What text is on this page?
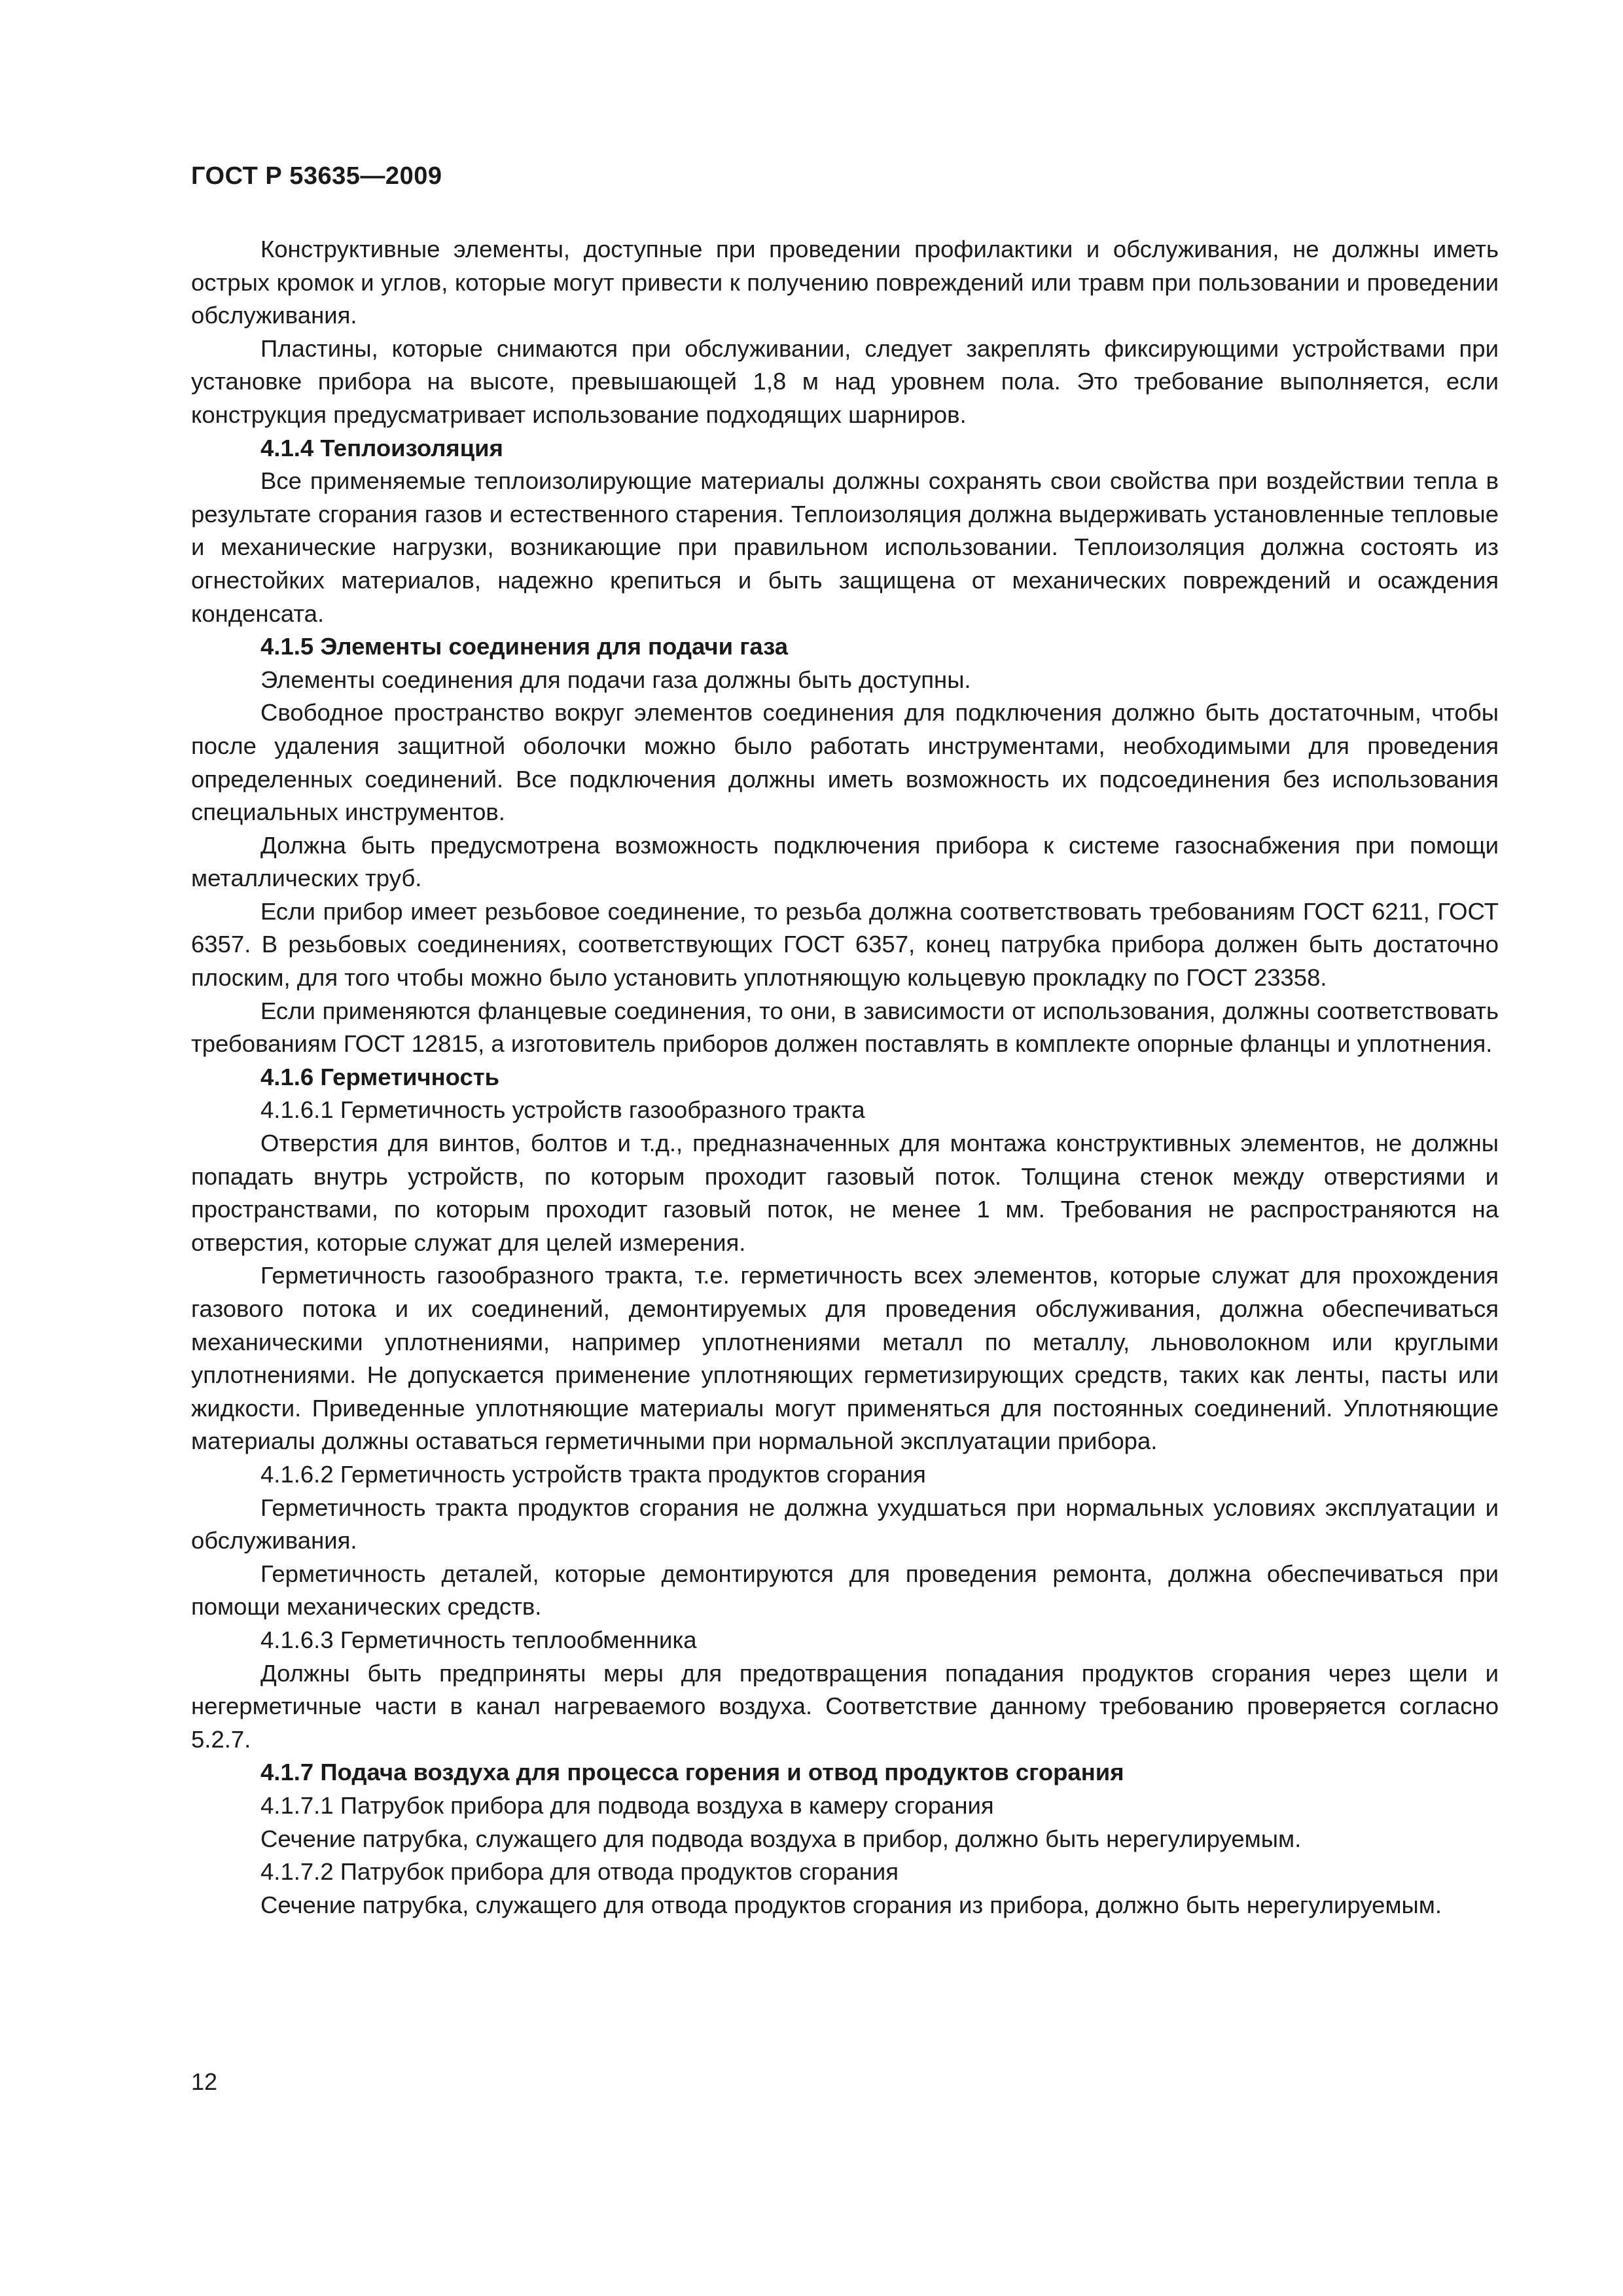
ГОСТ Р 53635—2009

Конструктивные элементы, доступные при проведении профилактики и обслуживания, не должны иметь острых кромок и углов, которые могут привести к получению повреждений или травм при пользовании и проведении обслуживания.

Пластины, которые снимаются при обслуживании, следует закреплять фиксирующими устройствами при установке прибора на высоте, превышающей 1,8 м над уровнем пола. Это требование выполняется, если конструкция предусматривает использование подходящих шарниров.

4.1.4 Теплоизоляция

Все применяемые теплоизолирующие материалы должны сохранять свои свойства при воздействии тепла в результате сгорания газов и естественного старения. Теплоизоляция должна выдерживать установленные тепловые и механические нагрузки, возникающие при правильном использовании. Теплоизоляция должна состоять из огнестойких материалов, надежно крепиться и быть защищена от механических повреждений и осаждения конденсата.

4.1.5 Элементы соединения для подачи газа

Элементы соединения для подачи газа должны быть доступны.

Свободное пространство вокруг элементов соединения для подключения должно быть достаточным, чтобы после удаления защитной оболочки можно было работать инструментами, необходимыми для проведения определенных соединений. Все подключения должны иметь возможность их подсоединения без использования специальных инструментов.

Должна быть предусмотрена возможность подключения прибора к системе газоснабжения при помощи металлических труб.

Если прибор имеет резьбовое соединение, то резьба должна соответствовать требованиям ГОСТ 6211, ГОСТ 6357. В резьбовых соединениях, соответствующих ГОСТ 6357, конец патрубка прибора должен быть достаточно плоским, для того чтобы можно было установить уплотняющую кольцевую прокладку по ГОСТ 23358.

Если применяются фланцевые соединения, то они, в зависимости от использования, должны соответствовать требованиям ГОСТ 12815, а изготовитель приборов должен поставлять в комплекте опорные фланцы и уплотнения.

4.1.6 Герметичность

4.1.6.1 Герметичность устройств газообразного тракта

Отверстия для винтов, болтов и т.д., предназначенных для монтажа конструктивных элементов, не должны попадать внутрь устройств, по которым проходит газовый поток. Толщина стенок между отверстиями и пространствами, по которым проходит газовый поток, не менее 1 мм. Требования не распространяются на отверстия, которые служат для целей измерения.

Герметичность газообразного тракта, т.е. герметичность всех элементов, которые служат для прохождения газового потока и их соединений, демонтируемых для проведения обслуживания, должна обеспечиваться механическими уплотнениями, например уплотнениями металл по металлу, льноволокном или круглыми уплотнениями. Не допускается применение уплотняющих герметизирующих средств, таких как ленты, пасты или жидкости. Приведенные уплотняющие материалы могут применяться для постоянных соединений. Уплотняющие материалы должны оставаться герметичными при нормальной эксплуатации прибора.

4.1.6.2 Герметичность устройств тракта продуктов сгорания

Герметичность тракта продуктов сгорания не должна ухудшаться при нормальных условиях эксплуатации и обслуживания.

Герметичность деталей, которые демонтируются для проведения ремонта, должна обеспечиваться при помощи механических средств.

4.1.6.3 Герметичность теплообменника

Должны быть предприняты меры для предотвращения попадания продуктов сгорания через щели и негерметичные части в канал нагреваемого воздуха. Соответствие данному требованию проверяется согласно 5.2.7.

4.1.7 Подача воздуха для процесса горения и отвод продуктов сгорания

4.1.7.1 Патрубок прибора для подвода воздуха в камеру сгорания

Сечение патрубка, служащего для подвода воздуха в прибор, должно быть нерегулируемым.

4.1.7.2 Патрубок прибора для отвода продуктов сгорания

Сечение патрубка, служащего для отвода продуктов сгорания из прибора, должно быть нерегулируемым.

12
